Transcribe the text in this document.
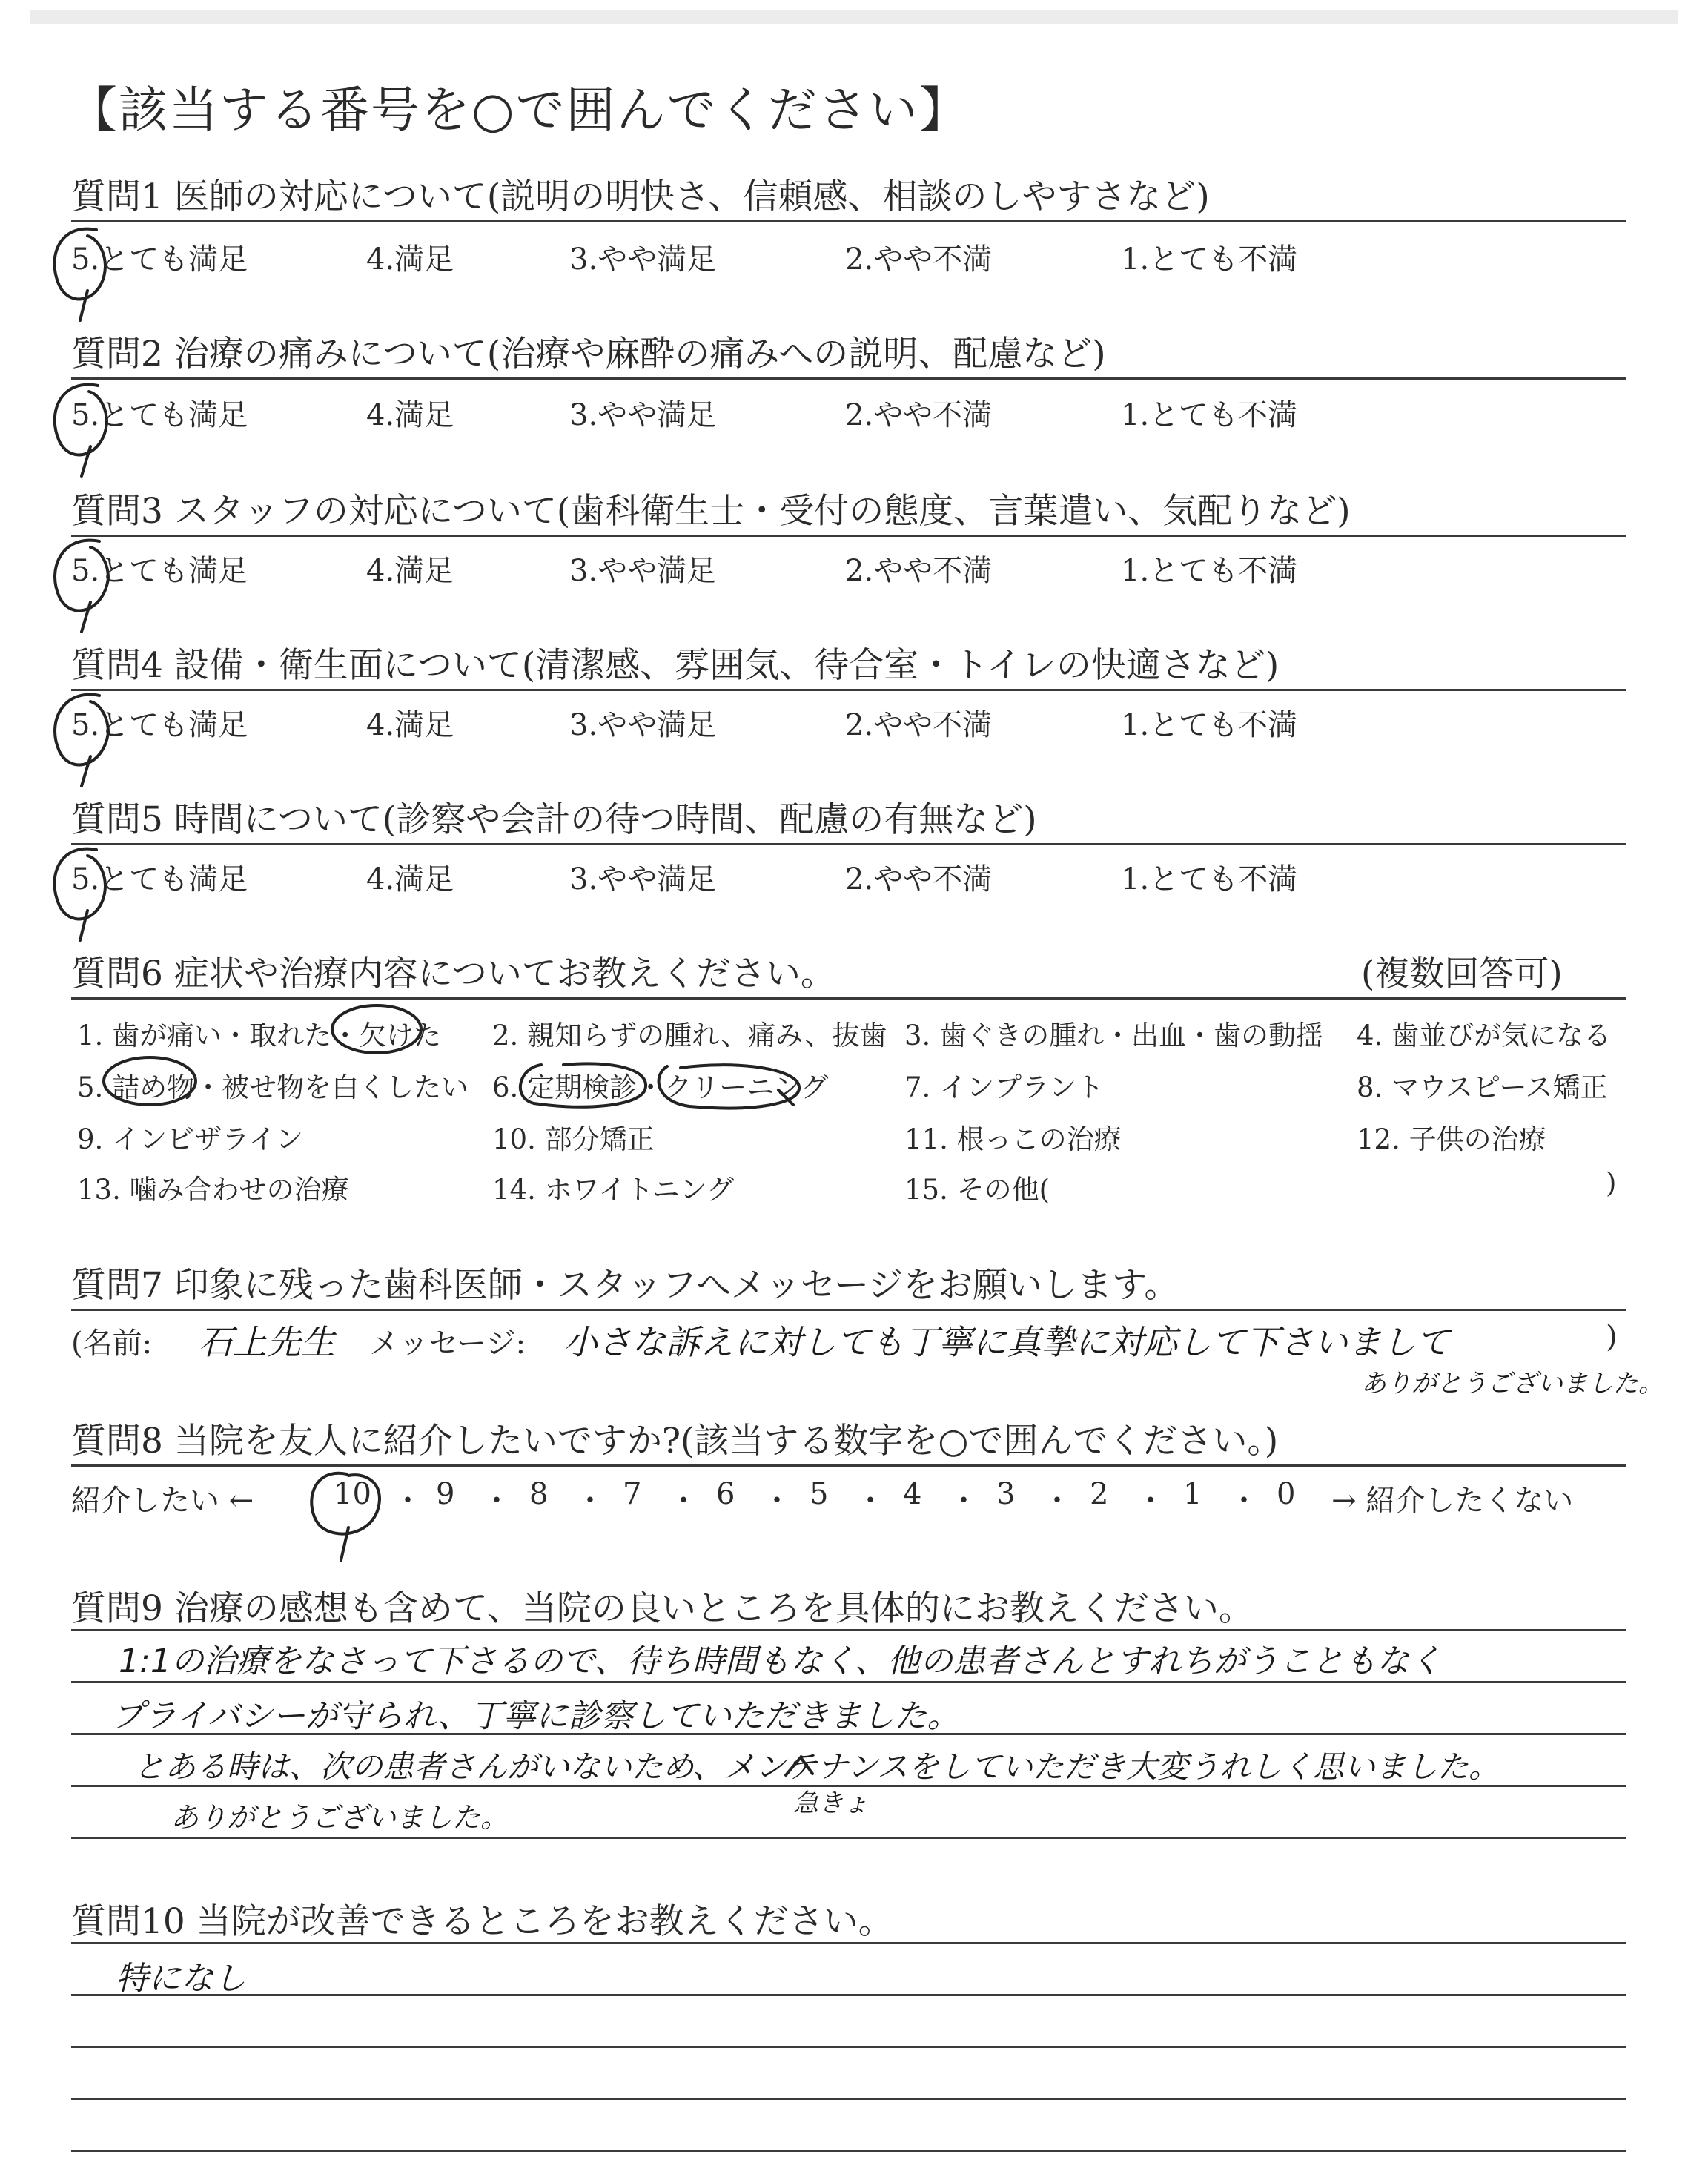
【該当する番号を○で囲んでください】
質問1 医師の対応について(説明の明快さ、信頼感、相談のしやすさなど)
5.とても満足	4.満足	3.やや満足	2.やや不満	1.とても不満
質問2 治療の痛みについて(治療や麻酔の痛みへの説明、配慮など)
5.とても満足	4.満足	3.やや満足	2.やや不満	1.とても不満
質問3 スタッフの対応について(歯科衛生士・受付の態度、言葉遣い、気配りなど)
5.とても満足	4.満足	3.やや満足	2.やや不満	1.とても不満
質問4 設備・衛生面について(清潔感、雰囲気、待合室・トイレの快適さなど)
5.とても満足	4.満足	3.やや満足	2.やや不満	1.とても不満
質問5 時間について(診察や会計の待つ時間、配慮の有無など)
5.とても満足	4.満足	3.やや満足	2.やや不満	1.とても不満
質問6 症状や治療内容についてお教えください。	(複数回答可)
1. 歯が痛い・取れた・欠けた 2. 親知らずの腫れ、痛み、抜歯 3. 歯ぐきの腫れ・出血・歯の動揺 4. 歯並びが気になる
5. 詰め物・被せ物を白くしたい 6. 定期検診・クリーニング	7. インプラント	8. マウスピース矯正
9. インビザライン	10. 部分矯正	11. 根っこの治療	12. 子供の治療
13. 噛み合わせの治療	14. ホワイトニング	15. その他(	)
質問7 印象に残った歯科医師・スタッフへメッセージをお願いします。
(名前: 石上先生 メッセージ: 小さな訴えに対しても丁寧に真摯に対応して下さいまして
ありがとうございました。
)
質問8 当院を友人に紹介したいですか?(該当する数字を○で囲んでください。)
紹介したい ←	10 ・ 9 ・ 8 ・ 7 ・ 6 ・ 5 ・ 4 ・ 3 ・ 2 ・ 1 ・ 0 → 紹介したくない
質問9 治療の感想も含めて、当院の良いところを具体的にお教えください。
1:1の治療をなさって下さるので、待ち時間もなく、他の患者さんとすれちがうこともなく
プライバシーが守られ、丁寧に診察していただきました。
とある時は、次の患者さんがいないため、メンテナンスをしていただき大変うれしく思いました。
急きょ
ありがとうございました。
質問10 当院が改善できるところをお教えください。
特になし
